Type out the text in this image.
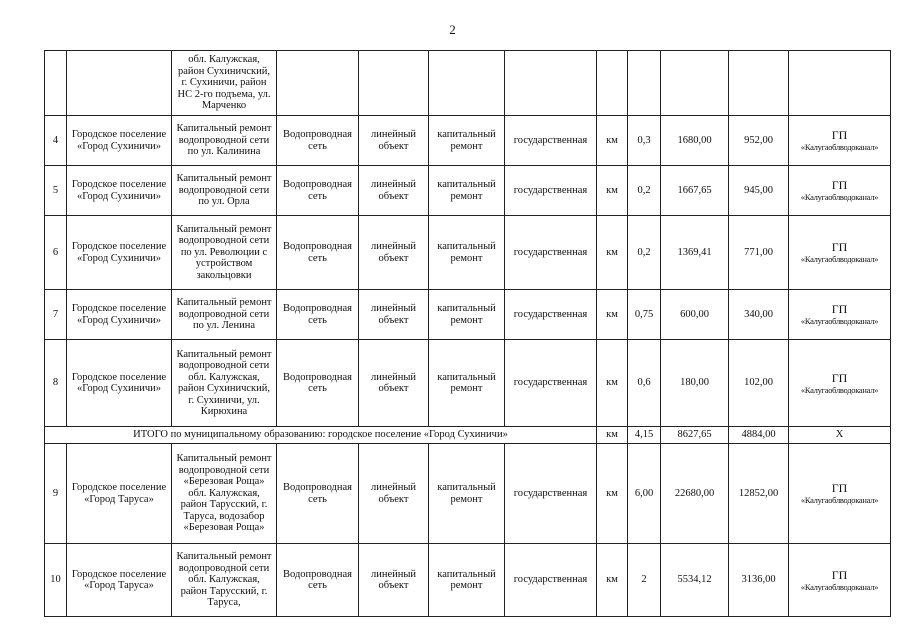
2
		обл. Калужская, район Сухиничский, г. Сухиничи, район НС 2-го подъема, ул. Марченко									
4	Городское поселение «Город Сухиничи»	Капитальный ремонт водопроводной сети по ул. Калинина	Водопроводная сеть	линейный объект	капитальный ремонт	государственная	км	0,3	1680,00	952,00	ГП
«Калугаоблводоканал»

5	Городское поселение «Город Сухиничи»	Капитальный ремонт водопроводной сети по ул. Орла	Водопроводная сеть	линейный объект	капитальный ремонт	государственная	км	0,2	1667,65	945,00	ГП
«Калугаоблводоканал»

6	Городское поселение «Город Сухиничи»	Капитальный ремонт водопроводной сети по ул. Революции с устройством закольцовки	Водопроводная сеть	линейный объект	капитальный ремонт	государственная	км	0,2	1369,41	771,00	ГП
«Калугаоблводоканал»

7	Городское поселение «Город Сухиничи»	Капитальный ремонт водопроводной сети по ул. Ленина	Водопроводная сеть	линейный объект	капитальный ремонт	государственная	км	0,75	600,00	340,00	ГП
«Калугаоблводоканал»

8	Городское поселение «Город Сухиничи»	Капитальный ремонт водопроводной сети обл. Калужская, район Сухиничский, г. Сухиничи, ул. Кирюхина	Водопроводная сеть	линейный объект	капитальный ремонт	государственная	км	0,6	180,00	102,00	ГП
«Калугаоблводоканал»

ИТОГО по муниципальному образованию: городское поселение «Город Сухиничи»							км	4,15	8627,65	4884,00	Х
9	Городское поселение «Город Таруса»	Капитальный ремонт водопроводной сети «Березовая Роща» обл. Калужская, район Тарусский, г. Таруса, водозабор «Березовая Роща»	Водопроводная сеть	линейный объект	капитальный ремонт	государственная	км	6,00	22680,00	12852,00	ГП
«Калугаоблводоканал»

10	Городское поселение «Город Таруса»	Капитальный ремонт водопроводной сети обл. Калужская, район Тарусский, г. Таруса,	Водопроводная сеть	линейный объект	капитальный ремонт	государственная	км	2	5534,12	3136,00	ГП
«Калугаоблводоканал»
